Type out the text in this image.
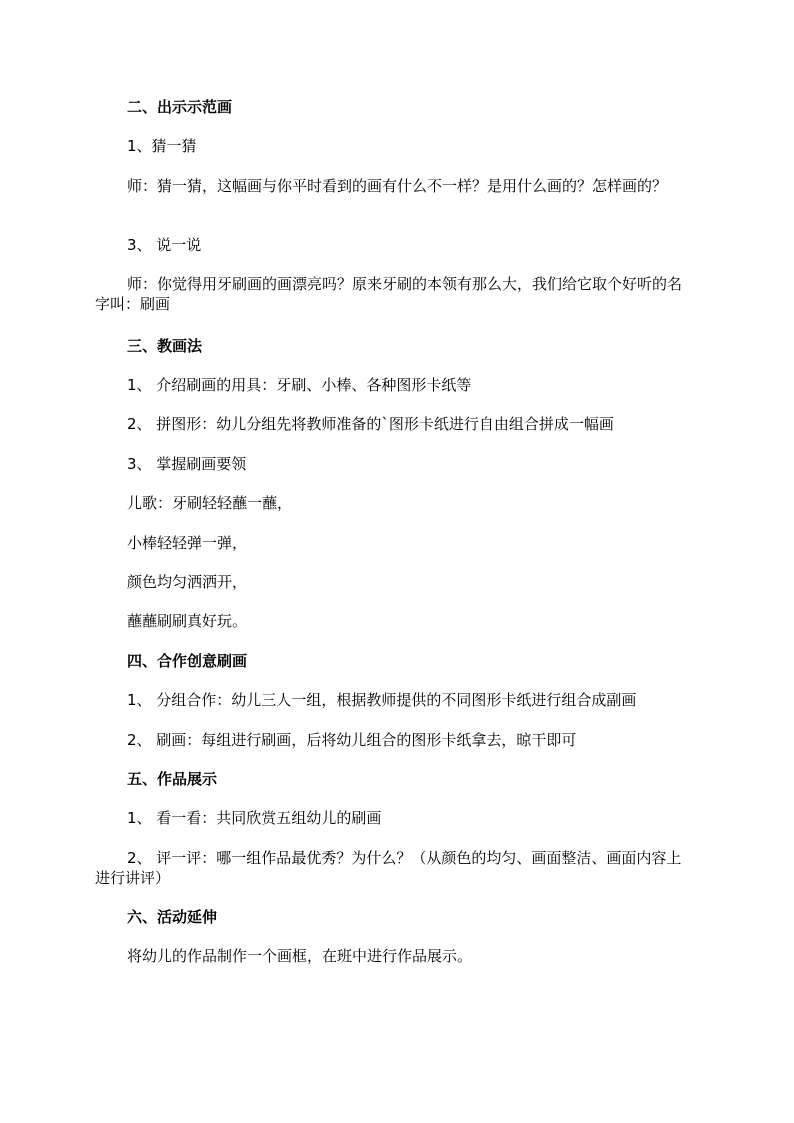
二、出示示范画
1、猜一猜
师：猜一猜，这幅画与你平时看到的画有什么不一样？是用什么画的？怎样画的？
3、 说一说
师：你觉得用牙刷画的画漂亮吗？原来牙刷的本领有那么大，我们给它取个好听的名字叫：刷画
三、教画法
1、 介绍刷画的用具：牙刷、小棒、各种图形卡纸等
2、 拼图形：幼儿分组先将教师准备的`图形卡纸进行自由组合拼成一幅画
3、 掌握刷画要领
儿歌：牙刷轻轻蘸一蘸，
小棒轻轻弹一弹，
颜色均匀洒洒开，
蘸蘸刷刷真好玩。
四、合作创意刷画
1、 分组合作：幼儿三人一组，根据教师提供的不同图形卡纸进行组合成副画
2、 刷画：每组进行刷画，后将幼儿组合的图形卡纸拿去，晾干即可
五、作品展示
1、 看一看：共同欣赏五组幼儿的刷画
2、 评一评：哪一组作品最优秀？为什么？（从颜色的均匀、画面整洁、画面内容上进行讲评）
六、活动延伸
将幼儿的作品制作一个画框，在班中进行作品展示。
